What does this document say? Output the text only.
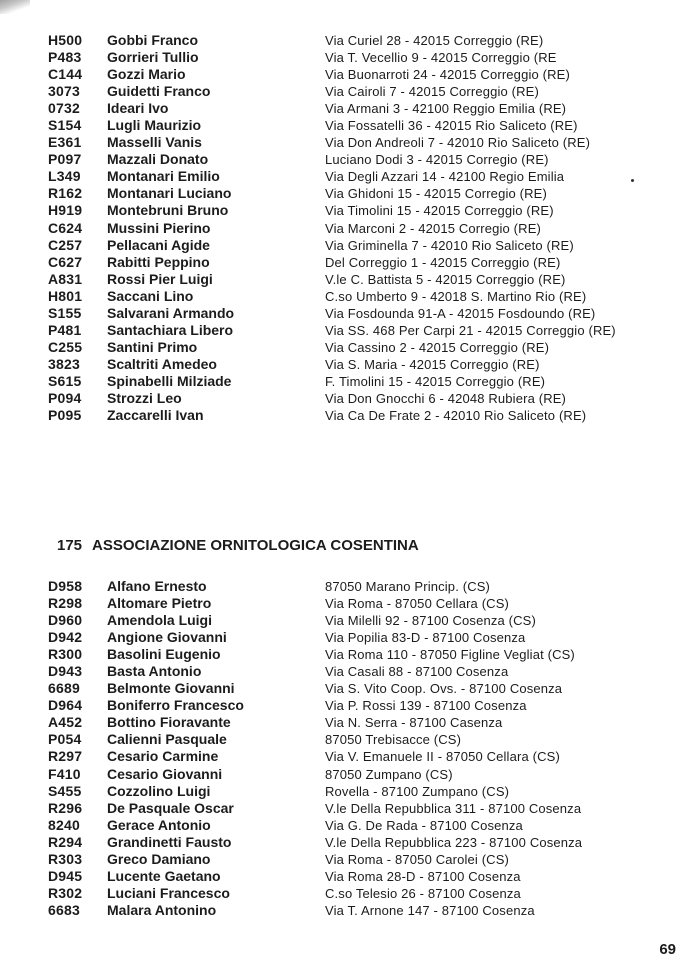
H500 Gobbi Franco	Via Curiel 28 - 42015 Correggio (RE)
P483 Gorrieri Tullio	Via T. Vecellio 9 - 42015 Correggio (RE
C144 Gozzi Mario	Via Buonarroti 24 - 42015 Correggio (RE)
3073 Guidetti Franco	Via Cairoli 7 - 42015 Correggio (RE)
0732 Ideari Ivo	Via Armani 3 - 42100 Reggio Emilia (RE)
S154 Lugli Maurizio	Via Fossatelli 36 - 42015 Rio Saliceto (RE)
E361 Masselli Vanis	Via Don Andreoli 7 - 42010 Rio Saliceto (RE)
P097 Mazzali Donato	Luciano Dodi 3 - 42015 Corregio (RE)
L349 Montanari Emilio	Via Degli Azzari 14 - 42100 Regio Emilia
R162 Montanari Luciano	Via Ghidoni 15 - 42015 Corregio (RE)
H919 Montebruni Bruno	Via Timolini 15 - 42015 Correggio (RE)
C624 Mussini Pierino	Via Marconi 2 - 42015 Corregio (RE)
C257 Pellacani Agide	Via Griminella 7 - 42010 Rio Saliceto (RE)
C627 Rabitti Peppino	Del Correggio 1 - 42015 Correggio (RE)
A831 Rossi Pier Luigi	V.le C. Battista 5 - 42015 Correggio (RE)
H801 Saccani Lino	C.so Umberto 9 - 42018 S. Martino Rio (RE)
S155 Salvarani Armando	Via Fosdounda 91-A - 42015 Fosdoundo (RE)
P481 Santachiara Libero	Via SS. 468 Per Carpi 21 - 42015 Correggio (RE)
C255 Santini Primo	Via Cassino 2 - 42015 Correggio (RE)
3823 Scaltriti Amedeo	Via S. Maria - 42015 Correggio (RE)
S615 Spinabelli Milziade	F. Timolini 15 - 42015 Correggio (RE)
P094 Strozzi Leo	Via Don Gnocchi 6 - 42048 Rubiera (RE)
P095 Zaccarelli Ivan	Via Ca De Frate 2 - 42010 Rio Saliceto (RE)
175 ASSOCIAZIONE ORNITOLOGICA COSENTINA
D958 Alfano Ernesto	87050 Marano Princip. (CS)
R298 Altomare Pietro	Via Roma - 87050 Cellara (CS)
D960 Amendola Luigi	Via Milelli 92 - 87100 Cosenza (CS)
D942 Angione Giovanni	Via Popilia 83-D - 87100 Cosenza
R300 Basolini Eugenio	Via Roma 110 - 87050 Figline Vegliat (CS)
D943 Basta Antonio	Via Casali 88 - 87100 Cosenza
6689 Belmonte Giovanni	Via S. Vito Coop. Ovs. - 87100 Cosenza
D964 Boniferro Francesco	Via P. Rossi 139 - 87100 Cosenza
A452 Bottino Fioravante	Via N. Serra - 87100 Casenza
P054 Calienni Pasquale	87050 Trebisacce (CS)
R297 Cesario Carmine	Via V. Emanuele II - 87050 Cellara (CS)
F410 Cesario Giovanni	87050 Zumpano (CS)
S455 Cozzolino Luigi	Rovella - 87100 Zumpano (CS)
R296 De Pasquale Oscar	V.le Della Repubblica 311 - 87100 Cosenza
8240 Gerace Antonio	Via G. De Rada - 87100 Cosenza
R294 Grandinetti Fausto	V.le Della Repubblica 223 - 87100 Cosenza
R303 Greco Damiano	Via Roma - 87050 Carolei (CS)
D945 Lucente Gaetano	Via Roma 28-D - 87100 Cosenza
R302 Luciani Francesco	C.so Telesio 26 - 87100 Cosenza
6683 Malara Antonino	Via T. Arnone 147 - 87100 Cosenza
69
